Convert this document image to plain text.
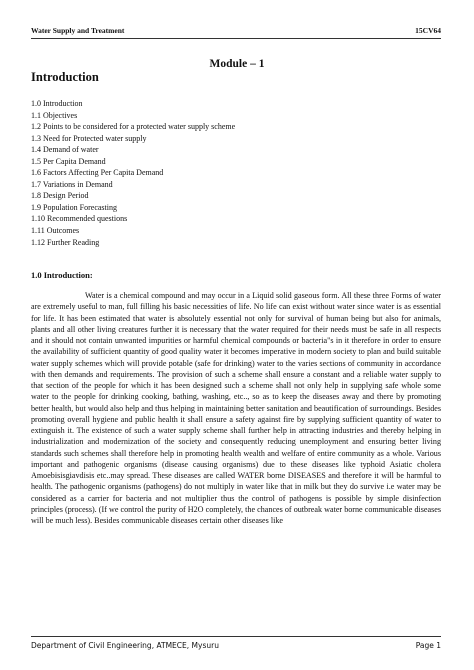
Water Supply and Treatment	15CV64
Module – 1
Introduction
1.0 Introduction
1.1 Objectives
1.2 Points to be considered for a protected water supply scheme
1.3 Need for Protected water supply
1.4 Demand of water
1.5 Per Capita Demand
1.6 Factors Affecting Per Capita Demand
1.7 Variations in Demand
1.8 Design Period
1.9 Population Forecasting
1.10 Recommended questions
1.11 Outcomes
1.12 Further Reading
1.0 Introduction:

Water is a chemical compound and may occur in a Liquid solid gaseous form. All these three Forms of water are extremely useful to man, full filling his basic necessities of life. No life can exist without water since water is as essential for life. It has been estimated that water is absolutely essential not only for survival of human being but also for animals, plants and all other living creatures further it is necessary that the water required for their needs must be safe in all respects and it should not contain unwanted impurities or harmful chemical compounds or bacteria"s in it therefore in order to ensure the availability of sufficient quantity of good quality water it becomes imperative in modern society to plan and build suitable water supply schemes which will provide potable (safe for drinking) water to the varies sections of community in accordance with then demands and requirements. The provision of such a scheme shall ensure a constant and a reliable water supply to that section of the people for which it has been designed such a scheme shall not only help in supplying safe whole some water to the people for drinking cooking, bathing, washing, etc.., so as to keep the diseases away and there by promoting better health, but would also help and thus helping in maintaining better sanitation and beautification of surroundings. Besides promoting overall hygiene and public health it shall ensure a safety against fire by supplying sufficient quantity of water to extinguish it. The existence of such a water supply scheme shall further help in attracting industries and thereby helping in industrialization and modernization of the society and consequently reducing unemployment and ensuring better living standards such schemes shall therefore help in promoting health wealth and welfare of entire community as a whole. Various important and pathogenic organisms (disease causing organisms) due to these diseases like typhoid Asiatic cholera Amoebisisgiavdisis etc..may spread. These diseases are called WATER borne DISEASES and therefore it will be harmful to health. The pathogenic organisms (pathogens) do not multiply in water like that in milk but they do survive i.e water may be considered as a carrier for bacteria and not multiplier thus the control of pathogens is possible by simple disinfection principles (process). (If we control the purity of H2O completely, the chances of outbreak water borne communicable diseases will be much less). Besides communicable diseases certain other diseases like

Department of Civil Engineering, ATMECE, Mysuru	Page 1
